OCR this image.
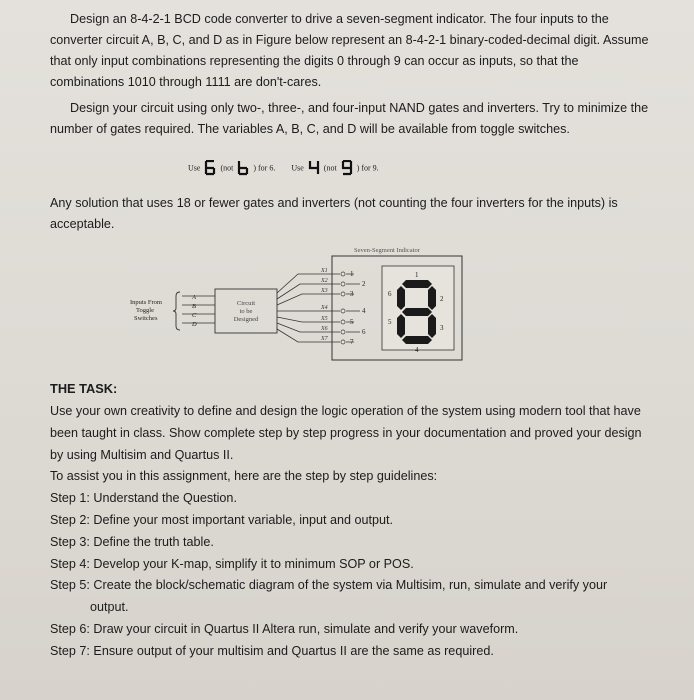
Design an 8-4-2-1 BCD code converter to drive a seven-segment indicator. The four inputs to the converter circuit A, B, C, and D as in Figure below represent an 8-4-2-1 binary-coded-decimal digit. Assume that only input combinations representing the digits 0 through 9 can occur as inputs, so that the combinations 1010 through 1111 are don't-cares.

Design your circuit using only two-, three-, and four-input NAND gates and inverters. Try to minimize the number of gates required. The variables A, B, C, and D will be available from toggle switches.

Use	(not	) for 6. Use	(not	) for 9.

Any solution that uses 18 or fewer gates and inverters (not counting the four inverters for the inputs) is acceptable.

Seven-Segment Indicator
Inputs From
Toggle
Switches
A
B
C
D
Circuit
to be
Designed
X1
X2
X3
X4
X5
X6
X7
1
2
3
4
5
6
7
1
2
3
4
5
6
7
THE TASK:

Use your own creativity to define and design the logic operation of the system using modern tool that have been taught in class. Show complete step by step progress in your documentation and proved your design by using Multisim and Quartus II.

To assist you in this assignment, here are the step by step guidelines:

Step 1: Understand the Question.

Step 2: Define your most important variable, input and output.

Step 3: Define the truth table.

Step 4: Develop your K-map, simplify it to minimum SOP or POS.

Step 5: Create the block/schematic diagram of the system via Multisim, run, simulate and verify your

output.

Step 6: Draw your circuit in Quartus II Altera run, simulate and verify your waveform.

Step 7: Ensure output of your multisim and Quartus II are the same as required.
